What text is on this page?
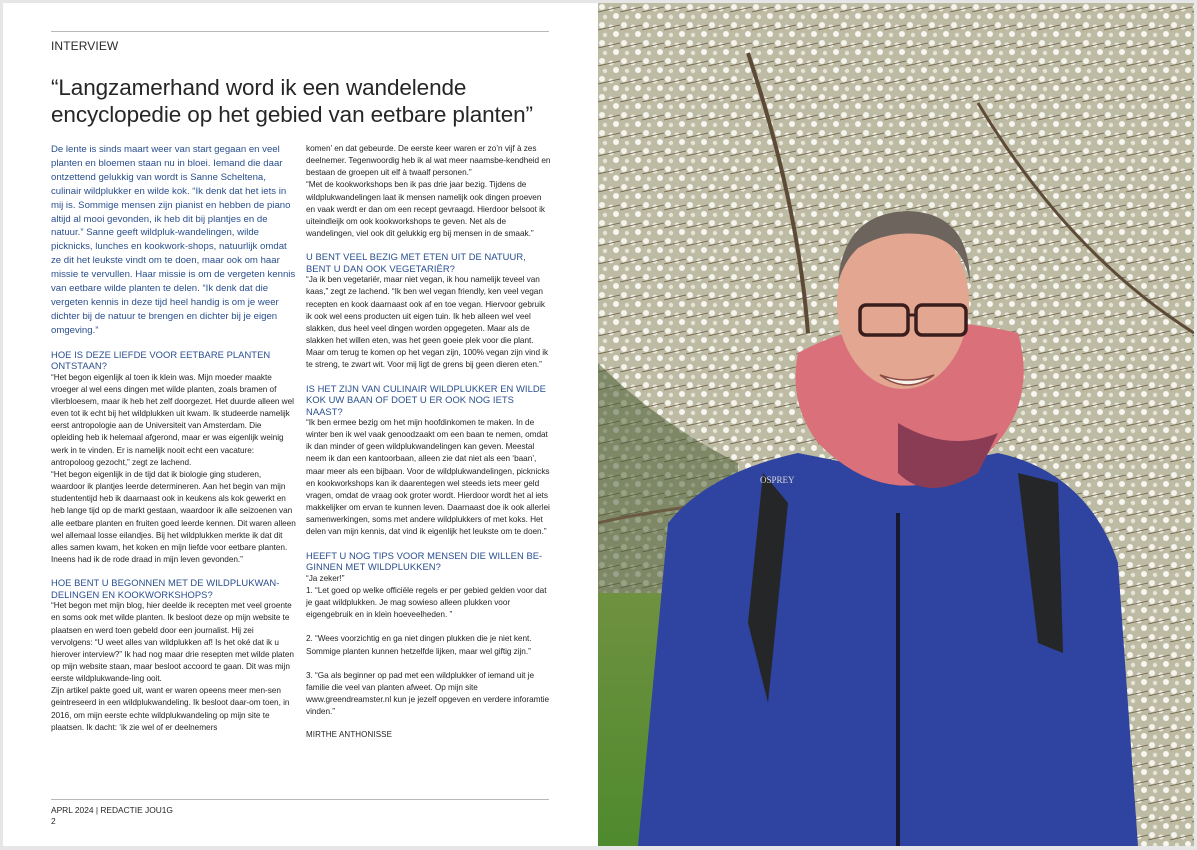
INTERVIEW
“Langzamerhand word ik een wandelende encyclopedie op het gebied van eetbare planten”

De lente is sinds maart weer van start gegaan en veel planten en bloemen staan nu in bloei. Iemand die daar ontzettend gelukkig van wordt is Sanne Scheltena, culinair wildplukker en wilde kok. “Ik denk dat het iets in mij is. Sommige mensen zijn pianist en hebben de piano altijd al mooi gevonden, ik heb dit bij plantjes en de natuur.” Sanne geeft wildpluk-wandelingen, wilde picknicks, lunches en kookwork-shops, natuurlijk omdat ze dit het leukste vindt om te doen, maar ook om haar missie te vervullen. Haar missie is om de vergeten kennis van eetbare wilde planten te delen. “Ik denk dat die vergeten kennis in deze tijd heel handig is om je weer dichter bij de natuur te brengen en dichter bij je eigen omgeving.”

HOE IS DEZE LIEFDE VOOR EETBARE PLANTEN ONTSTAAN?

“Het begon eigenlijk al toen ik klein was. Mijn moeder maakte vroeger al wel eens dingen met wilde planten, zoals bramen of vlierbloesem, maar ik heb het zelf doorgezet. Het duurde alleen wel even tot ik echt bij het wildplukken uit kwam. Ik studeerde namelijk eerst antropologie aan de Universiteit van Amsterdam. Die opleiding heb ik helemaal afgerond, maar er was eigenlijk weinig werk in te vinden. Er is namelijk nooit echt een vacature: antropoloog gezocht,” zegt ze lachend.
“Het begon eigenlijk in de tijd dat ik biologie ging studeren, waardoor ik plantjes leerde determineren. Aan het begin van mijn studententijd heb ik daarnaast ook in keukens als kok gewerkt en heb lange tijd op de markt gestaan, waardoor ik alle seizoenen van alle eetbare planten en fruiten goed leerde kennen. Dit waren alleen wel allemaal losse eilandjes. Bij het wildplukken merkte ik dat dit alles samen kwam, het koken en mijn liefde voor eetbare planten. Ineens had ik de rode draad in mijn leven gevonden.”

HOE BENT U BEGONNEN MET DE WILDPLUKWAN-DELINGEN EN KOOKWORKSHOPS?

“Het begon met mijn blog, hier deelde ik recepten met veel groente en soms ook met wilde planten. Ik besloot deze op mijn website te plaatsen en werd toen gebeld door een journalist. Hij zei vervolgens: “U weet alles van wildplukken af! Is het oké dat ik u hierover interview?” Ik had nog maar drie resepten met wilde platen op mijn website staan, maar besloot accoord te gaan. Dit was mijn eerste wildplukwande-ling ooit.
Zijn artikel pakte goed uit, want er waren opeens meer men-sen geintreseerd in een wildplukwandeling. Ik besloot daar-om toen, in 2016, om mijn eerste echte wildplukwandeling op mijn site te plaatsen. Ik dacht: ‘ik zie wel of er deelnemers

komen’ en dat gebeurde. De eerste keer waren er zo’n vijf à zes deelnemer. Tegenwoordig heb ik al wat meer naamsbe-kendheid en bestaan de groepen uit elf à twaalf personen.”
“Met de kookworkshops ben ik pas drie jaar bezig. Tijdens de wildplukwandelingen laat ik mensen namelijk ook dingen proeven en vaak werdt er dan om een recept gevraagd. Hierdoor belsoot ik uiteindleijk om ook kookworkshops te geven. Net als de wandelingen, viel ook dit gelukkig erg bij mensen in de smaak.”

U BENT VEEL BEZIG MET ETEN UIT DE NATUUR, BENT U DAN OOK VEGETARIËR?

“Ja ik ben vegetariër, maar niet vegan, ik hou namelijk teveel van kaas,” zegt ze lachend. “Ik ben wel vegan friendly, ken veel vegan recepten en kook daarnaast ook af en toe vegan. Hiervoor gebruik ik ook wel eens producten uit eigen tuin. Ik heb alleen wel veel slakken, dus heel veel dingen worden opgegeten. Maar als de slakken het willen eten, was het geen goeie plek voor die plant. Maar om terug te komen op het vegan zijn, 100% vegan zijn vind ik te streng, te zwart wit. Voor mij ligt de grens bij geen dieren eten.”

IS HET ZIJN VAN CULINAIR WILDPLUKKER EN WILDE KOK UW BAAN OF DOET U ER OOK NOG IETS NAAST?

“Ik ben ermee bezig om het mijn hoofdinkomen te maken. In de winter ben ik wel vaak genoodzaakt om een baan te nemen, omdat ik dan minder of geen wildplukwandelingen kan geven. Meestal neem ik dan een kantoorbaan, alleen zie dat niet als een ‘baan’, maar meer als een bijbaan. Voor de wildplukwandelingen, picknicks en kookworkshops kan ik daarentegen wel steeds iets meer geld vragen, omdat de vraag ook groter wordt. Hierdoor wordt het al iets makkelijker om ervan te kunnen leven. Daarnaast doe ik ook allerlei samenwerkingen, soms met andere wildplukkers of met koks. Het delen van mijn kennis, dat vind ik eigenlijk het leukste om te doen.”

HEEFT U NOG TIPS VOOR MENSEN DIE WILLEN BE-GINNEN MET WILDPLUKKEN?

“Ja zeker!”
1. “Let goed op welke officiële regels er per gebied gelden voor dat je gaat wildplukken. Je mag sowieso alleen plukken voor eigengebruik en in klein hoeveelheden. ”

2. “Wees voorzichtig en ga niet dingen plukken die je niet kent. Sommige planten kunnen hetzelfde lijken, maar wel giftig zijn.”

3. “Ga als beginner op pad met een wildplukker of iemand uit je familie die veel van planten afweet. Op mijn site www.greendreamster.nl kun je jezelf opgeven en verdere inforamtie vinden.”

MIRTHE ANTHONISSE
APRL 2024 | REDACTIE JOU1G
2
OSPREY
